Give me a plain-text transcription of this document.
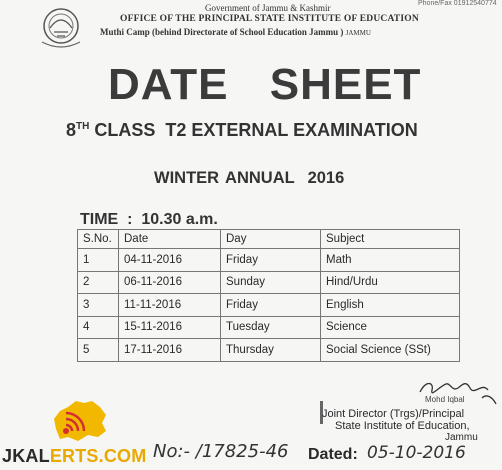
Government of Jammu & Kashmir
OFFICE OF THE PRINCIPAL STATE INSTITUTE OF EDUCATION
Muthi Camp (behind Directorate of School Education Jammu ) JAMMU
Phone/Fax 01912540774
DATE SHEET
8TH CLASS  T2 EXTERNAL EXAMINATION
WINTER ANNUAL  2016
TIME  :  10.30 a.m.
S.No.	Date	Day	Subject
1	04-11-2016	Friday	Math
2	06-11-2016	Sunday	Hind/Urdu
3	11-11-2016	Friday	English
4	15-11-2016	Tuesday	Science
5	17-11-2016	Thursday	Social Science (SSt)
Mohd Iqbal
Joint Director (Trgs)/Principal
State Institute of Education,
Jammu
JKALERTS.COM No:- /17825-46 Dated: 05-10-2016
